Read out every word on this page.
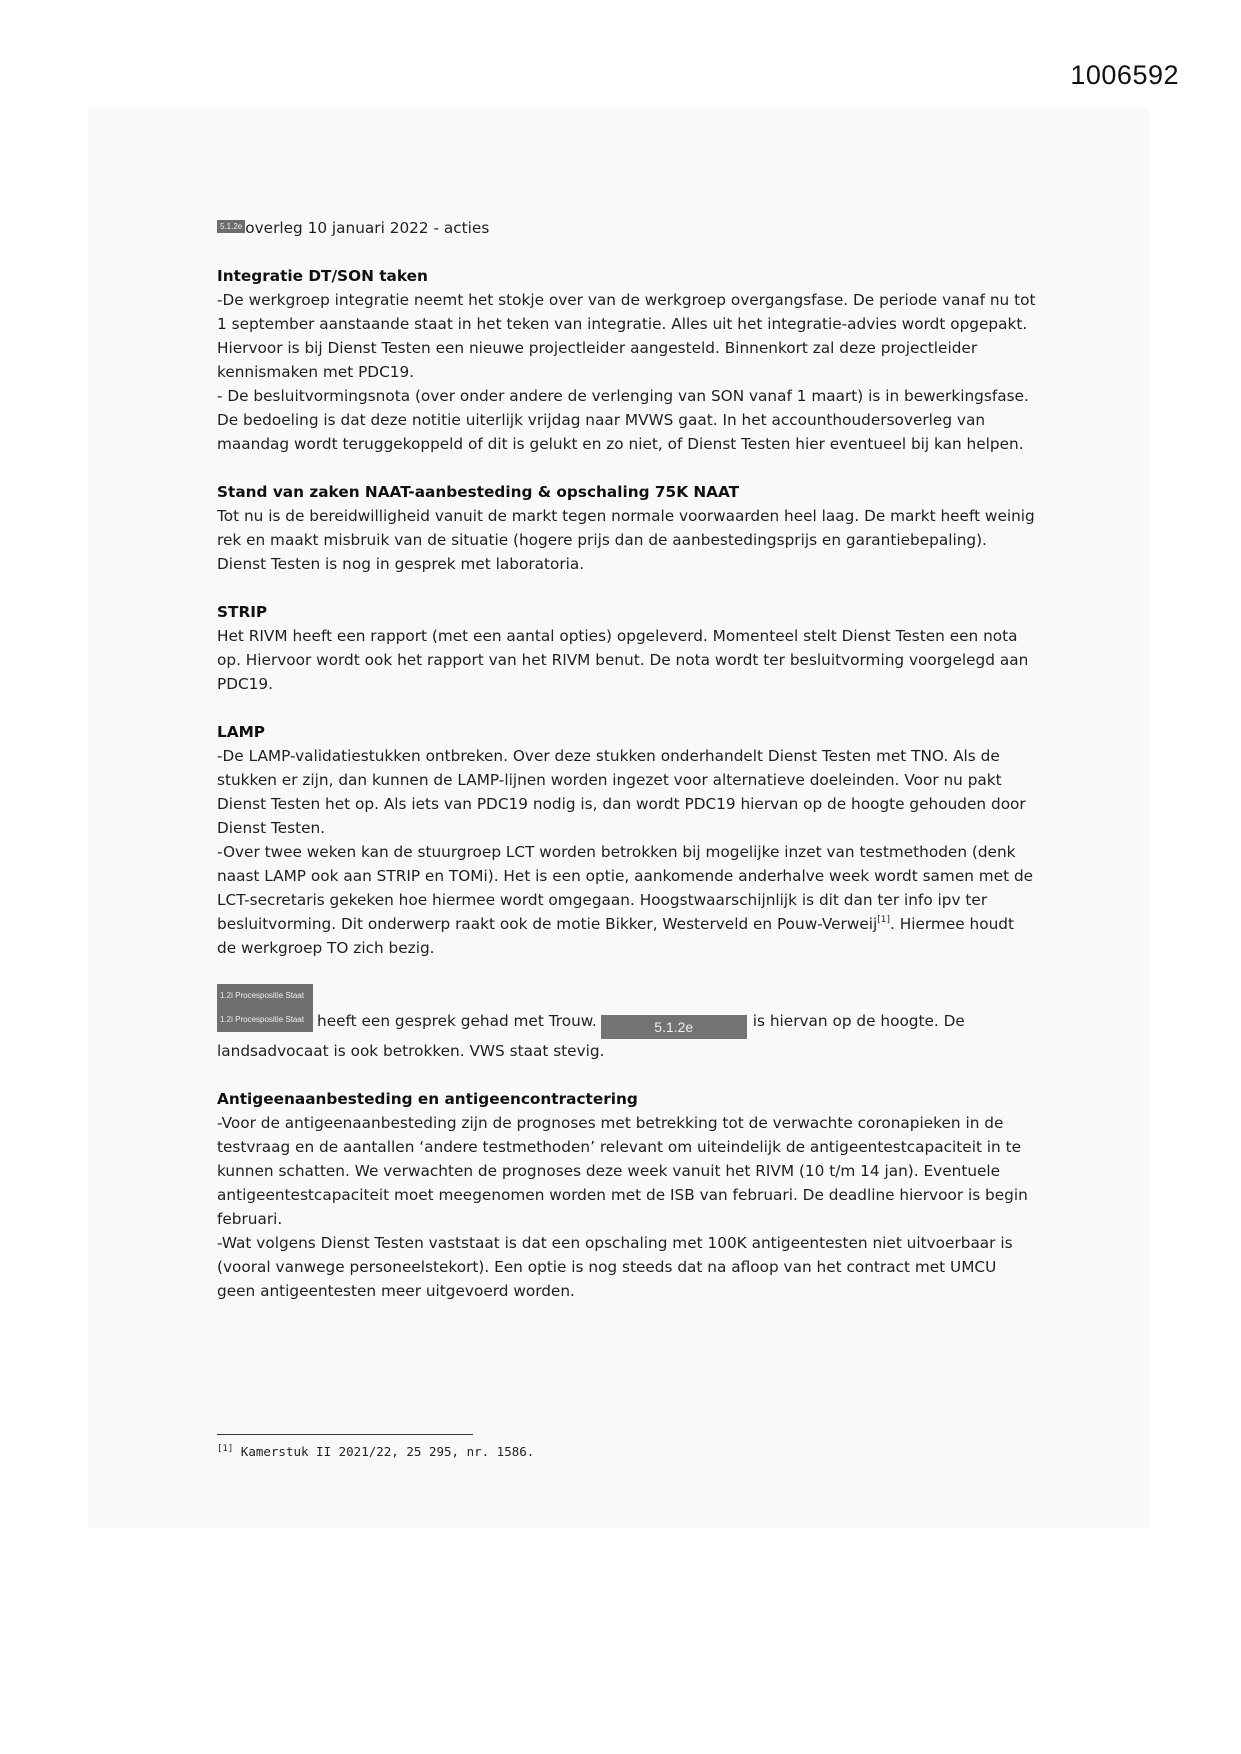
1006592
5.1.2e overleg 10 januari 2022 - acties
Integratie DT/SON taken

-De werkgroep integratie neemt het stokje over van de werkgroep overgangsfase. De periode vanaf nu tot 1 september aanstaande staat in het teken van integratie. Alles uit het integratie-advies wordt opgepakt. Hiervoor is bij Dienst Testen een nieuwe projectleider aangesteld. Binnenkort zal deze projectleider kennismaken met PDC19.

- De besluitvormingsnota (over onder andere de verlenging van SON vanaf 1 maart) is in bewerkingsfase. De bedoeling is dat deze notitie uiterlijk vrijdag naar MVWS gaat. In het accounthoudersoverleg van maandag wordt teruggekoppeld of dit is gelukt en zo niet, of Dienst Testen hier eventueel bij kan helpen.

Stand van zaken NAAT-aanbesteding & opschaling 75K NAAT

Tot nu is de bereidwilligheid vanuit de markt tegen normale voorwaarden heel laag. De markt heeft weinig rek en maakt misbruik van de situatie (hogere prijs dan de aanbestedingsprijs en garantiebepaling). Dienst Testen is nog in gesprek met laboratoria.

STRIP

Het RIVM heeft een rapport (met een aantal opties) opgeleverd. Momenteel stelt Dienst Testen een nota op. Hiervoor wordt ook het rapport van het RIVM benut. De nota wordt ter besluitvorming voorgelegd aan PDC19.

LAMP

-De LAMP-validatiestukken ontbreken. Over deze stukken onderhandelt Dienst Testen met TNO. Als de stukken er zijn, dan kunnen de LAMP-lijnen worden ingezet voor alternatieve doeleinden. Voor nu pakt Dienst Testen het op. Als iets van PDC19 nodig is, dan wordt PDC19 hiervan op de hoogte gehouden door Dienst Testen.

-Over twee weken kan de stuurgroep LCT worden betrokken bij mogelijke inzet van testmethoden (denk naast LAMP ook aan STRIP en TOMi). Het is een optie, aankomende anderhalve week wordt samen met de LCT-secretaris gekeken hoe hiermee wordt omgegaan. Hoogstwaarschijnlijk is dit dan ter info ipv ter besluitvorming. Dit onderwerp raakt ook de motie Bikker, Westerveld en Pouw-Verweij[1]. Hiermee houdt de werkgroep TO zich bezig.

1.2i Procespositie Staat

1.2i Procespositie Staat heeft een gesprek gehad met Trouw.	5.1.2e	is hiervan op de hoogte. De landsadvocaat is ook betrokken. VWS staat stevig.

Antigeenaanbesteding en antigeencontractering

-Voor de antigeenaanbesteding zijn de prognoses met betrekking tot de verwachte coronapieken in de testvraag en de aantallen ‘andere testmethoden’ relevant om uiteindelijk de antigeentestcapaciteit in te kunnen schatten. We verwachten de prognoses deze week vanuit het RIVM (10 t/m 14 jan). Eventuele antigeentestcapaciteit moet meegenomen worden met de ISB van februari. De deadline hiervoor is begin februari.

-Wat volgens Dienst Testen vaststaat is dat een opschaling met 100K antigeentesten niet uitvoerbaar is (vooral vanwege personeelstekort). Een optie is nog steeds dat na afloop van het contract met UMCU geen antigeentesten meer uitgevoerd worden.

[1] Kamerstuk II 2021/22, 25 295, nr. 1586.
